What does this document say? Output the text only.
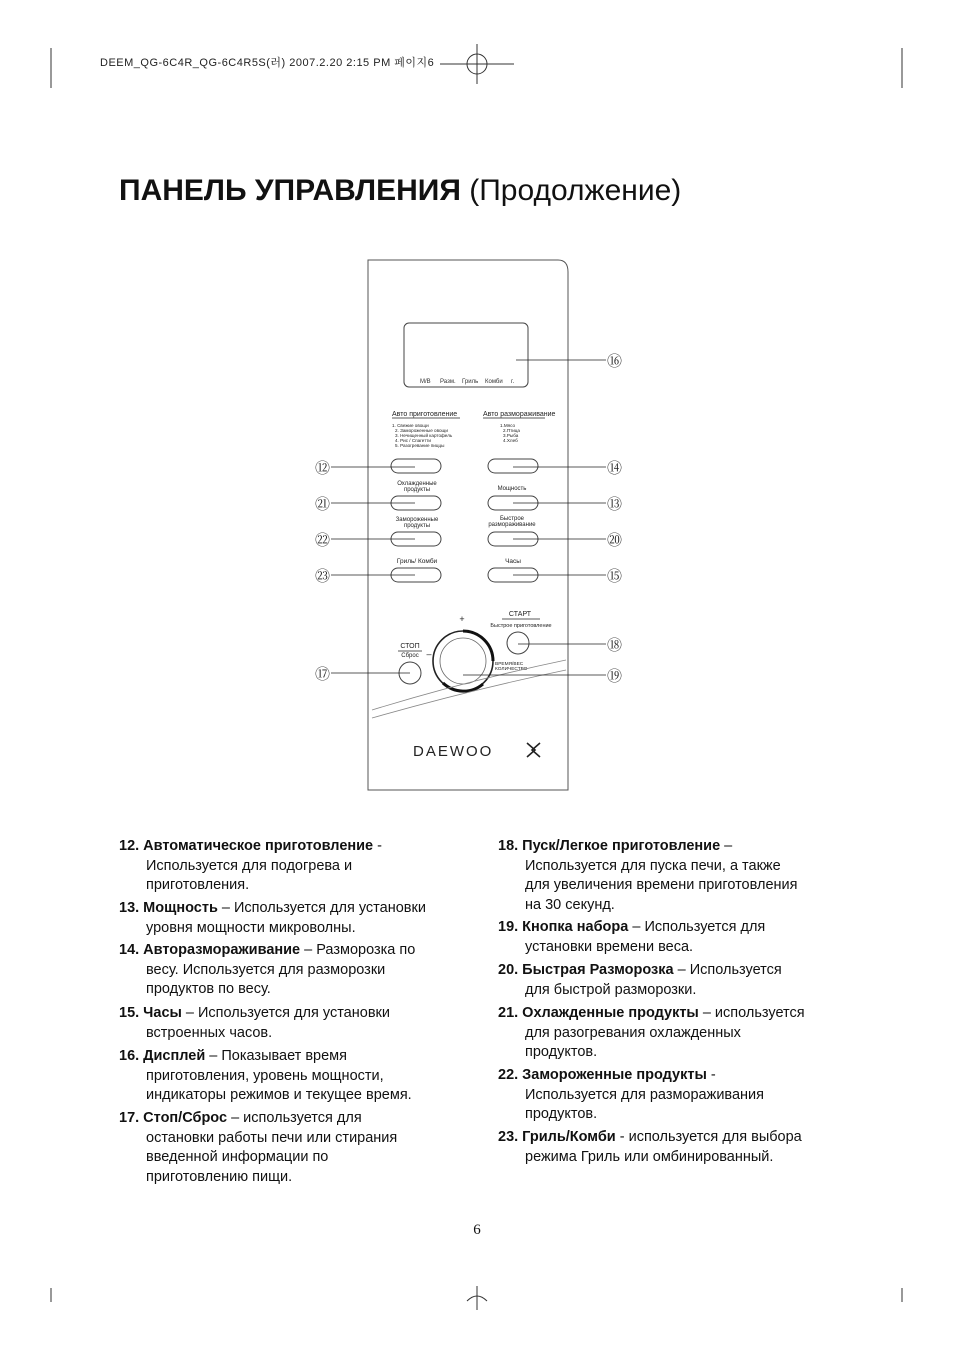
DEEM_QG-6C4R_QG-6C4R5S(러) 2007.2.20 2:15 PM 페이지6
ПАНЕЛЬ УПРАВЛЕНИЯ (Продолжение)
M/B Разм. Гриль Комби г.
Авто приготовление
1. Свежие овощи
2. Замороженные овощи
3. Нечищенный картофель
4. Рис / Спагетти
5. Разогревание пиццы
Авто размораживание
1.Мясо
2.Птица
3.Рыба
4.Хлеб
Охлажденные
продукты	Мощность
Замороженные
продукты
Быстрое
размораживание
Гриль/ Комби	Часы
СТАРТ
Быстрое приготовление
+
–
ВРЕМЯ/ВЕС
КОЛИЧЕСТВО
СТОП
Сброс
DAEWOO
⑯
⑫	⑭
㉑	⑬
㉒	⑳
㉓	⑮
⑰
⑱
⑲
12. Автоматическое приготовление -
Используется для подогрева и
приготовления.
13. Мощность – Используется для установки
уровня мощности микроволны.
14. Авторазмораживание – Разморозка по
весу. Используется для разморозки
продуктов по весу.
15. Часы – Используется для установки
встроенных часов.
16. Дисплей – Показывает время
приготовления, уровень мощности,
индикаторы режимов и текущее время.
17. Стоп/Сброс – используется для
остановки работы печи или стирания
введенной информации по
приготовлению пищи.
18. Пуск/Легкое приготовление –
Используется для пуска печи, а также
для увеличения времени приготовления
на 30 секунд.
19. Кнопка набора – Используется для
установки времени веса.
20. Быстрая Разморозка – Используется
для быстрой разморозки.
21. Охлажденные продукты – используется
для разогревания охлажденных
продуктов.
22. Замороженные продукты -
Используется для размораживания
продуктов.
23. Гриль/Комби - используется для выбора
режима Гриль или омбинированный.
6
